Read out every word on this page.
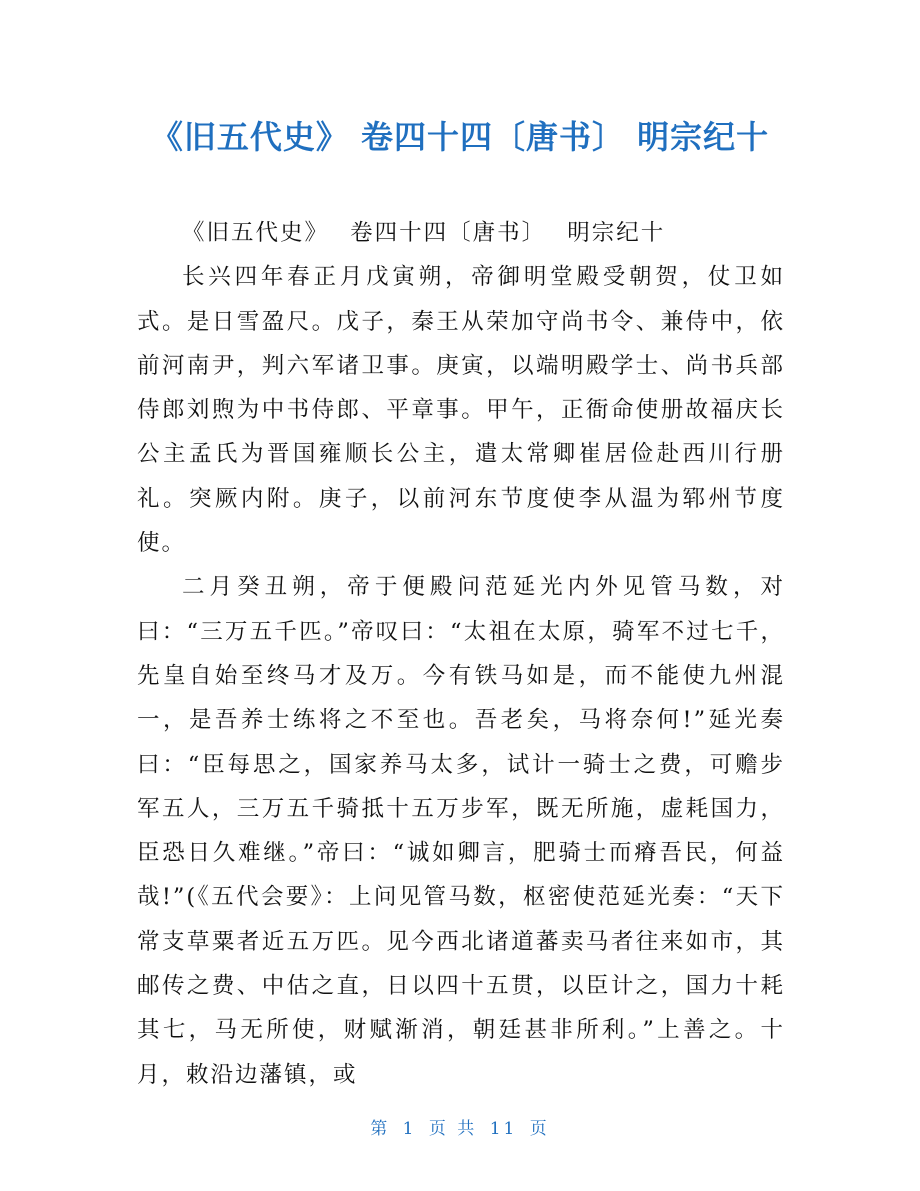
《旧五代史》 卷四十四〔唐书〕 明宗纪十

《旧五代史》 卷四十四〔唐书〕 明宗纪十

长兴四年春正月戊寅朔，帝御明堂殿受朝贺，仗卫如式。是日雪盈尺。戊子，秦王从荣加守尚书令、兼侍中，依前河南尹，判六军诸卫事。庚寅，以端明殿学士、尚书兵部侍郎刘煦为中书侍郎、平章事。甲午，正衙命使册故福庆长公主孟氏为晋国雍顺长公主，遣太常卿崔居俭赴西川行册礼。突厥内附。庚子，以前河东节度使李从温为郓州节度使。

二月癸丑朔，帝于便殿问范延光内外见管马数，对曰：“三万五千匹。”帝叹曰：“太祖在太原，骑军不过七千，先皇自始至终马才及万。今有铁马如是，而不能使九州混一，是吾养士练将之不至也。吾老矣，马将奈何!”延光奏曰：“臣每思之，国家养马太多，试计一骑士之费，可赡步军五人，三万五千骑抵十五万步军，既无所施，虚耗国力，臣恐日久难继。”帝曰：“诚如卿言，肥骑士而瘠吾民，何益哉!”(《五代会要》：上问见管马数，枢密使范延光奏：“天下常支草粟者近五万匹。见今西北诸道蕃卖马者往来如市，其邮传之费、中估之直，日以四十五贯，以臣计之，国力十耗其七，马无所使，财赋渐消，朝廷甚非所利。”上善之。十月，敕沿边藩镇，或

第 1 页 共 11 页
